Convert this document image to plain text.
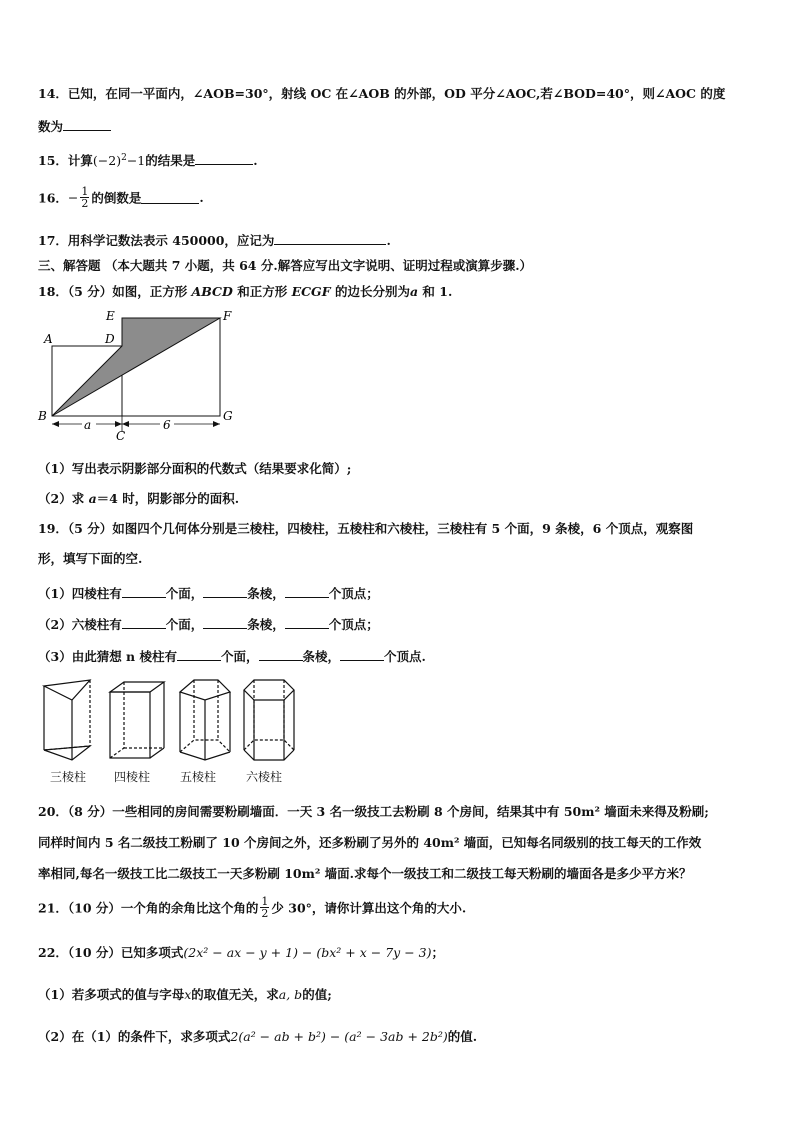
14．已知，在同一平面内，∠AOB=30°，射线 OC 在∠AOB 的外部，OD 平分∠AOC,若∠BOD=40°，则∠AOC 的度
数为
15．计算$(-2)^2-1$的结果是	.
16．− $\frac{1}{2}$ 的倒数是	.
17．用科学记数法表示 450000，应记为	.
三、解答题 （本大题共 7 小题，共 64 分.解答应写出文字说明、证明过程或演算步骤.）
18．（5 分）如图，正方形 ABCD 和正方形 ECGF 的边长分别为a 和 1.
a	6
A
B
C
D
E	F
G
（1）写出表示阴影部分面积的代数式（结果要求化简）;
（2）求 a＝4 时，阴影部分的面积.
19．（5 分）如图四个几何体分别是三棱柱，四棱柱，五棱柱和六棱柱，三棱柱有 5 个面，9 条棱，6 个顶点，观察图
形，填写下面的空.
（1）四棱柱有	个面，	条棱，	个顶点；
（2）六棱柱有	个面，	条棱，	个顶点；
（3）由此猜想 n 棱柱有	个面，	条棱，	个顶点.
三棱柱 四棱柱 五棱柱 六棱柱
20．（8 分）一些相同的房间需要粉刷墙面．一天 3 名一级技工去粉刷 8 个房间，结果其中有 50m² 墙面未来得及粉刷;
同样时间内 5 名二级技工粉刷了 10 个房间之外，还多粉刷了另外的 40m² 墙面，已知每名同级别的技工每天的工作效
率相同,每名一级技工比二级技工一天多粉刷 10m² 墙面.求每个一级技工和二级技工每天粉刷的墙面各是多少平方米？
21．（10 分）一个角的余角比这个角的 $\frac{1}{2}$ 少 30°，请你计算出这个角的大小.
22．（10 分）已知多项式(2x² − ax − y + 1) − (bx² + x − 7y − 3)；
（1）若多项式的值与字母x的取值无关，求a, b的值;
（2）在（1）的条件下，求多项式2(a² − ab + b²) − (a² − 3ab + 2b²)的值.
